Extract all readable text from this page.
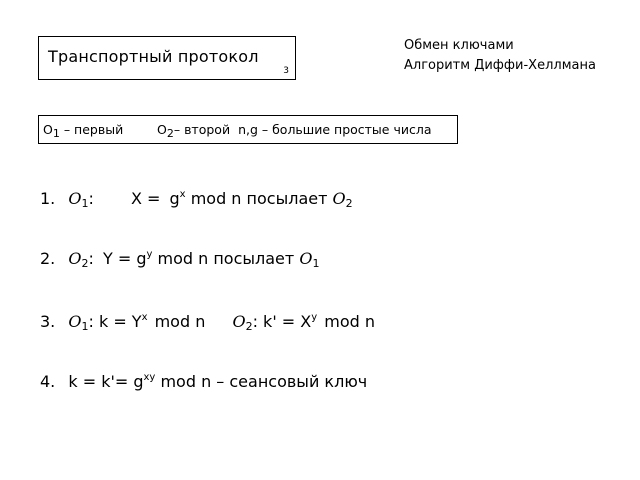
Транспортный протокол
3
Обмен ключами
Алгоритм Диффи-Хеллмана
$O_1$ – первый	$O_2-$ второй n,g – большие простые числа
1. $O_1$: $X = g^x$ mod n посылает $O_2$
2. $O_2$: $Y = g^y$ mod n посылает $O_1$
3. $O_1$: $k = Y^x$ mod n $O_2$: $k' = X^y$ mod n
4. $k = k'= g^{xy}$ mod n – сеансовый ключ
